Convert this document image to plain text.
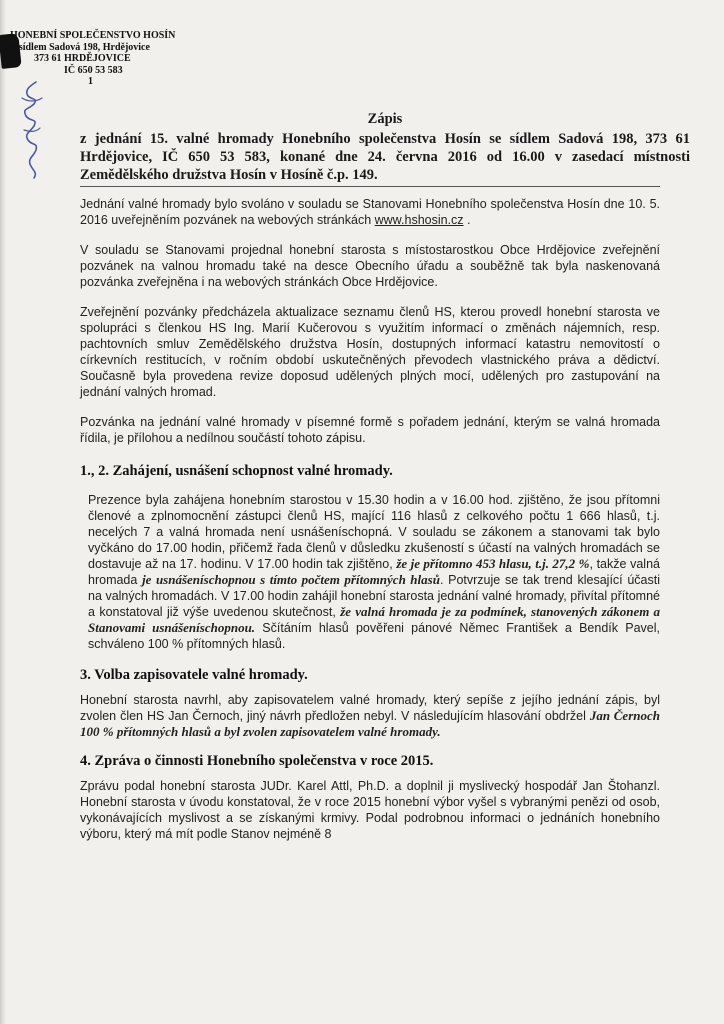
HONEBNÍ SPOLEČENSTVO HOSÍN
se sídlem Sadová 198, Hrdějovice
373 61 HRDĚJOVICE
IČ 650 53 583
1
Zápis
z jednání 15. valné hromady Honebního společenstva Hosín se sídlem Sadová 198, 373 61 Hrdějovice, IČ 650 53 583, konané dne 24. června 2016 od 16.00 v zasedací místnosti Zemědělského družstva Hosín v Hosíně č.p. 149.

Jednání valné hromady bylo svoláno v souladu se Stanovami Honebního společenstva Hosín dne 10. 5. 2016 uveřejněním pozvánek na webových stránkách www.hshosin.cz .

V souladu se Stanovami projednal honební starosta s místostarostkou Obce Hrdějovice zveřejnění pozvánek na valnou hromadu také na desce Obecního úřadu a souběžně tak byla naskenovaná pozvánka zveřejněna i na webových stránkách Obce Hrdějovice.

Zveřejnění pozvánky předcházela aktualizace seznamu členů HS, kterou provedl honební starosta ve spolupráci s členkou HS Ing. Marií Kučerovou s využitím informací o změnách nájemních, resp. pachtovních smluv Zemědělského družstva Hosín, dostupných informací katastru nemovitostí o církevních restitucích, v ročním období uskutečněných převodech vlastnického práva a dědictví. Současně byla provedena revize doposud udělených plných mocí, udělených pro zastupování na jednání valných hromad.

Pozvánka na jednání valné hromady v písemné formě s pořadem jednání, kterým se valná hromada řídila, je přílohou a nedílnou součástí tohoto zápisu.

1., 2. Zahájení, usnášení schopnost valné hromady.

Prezence byla zahájena honebním starostou v 15.30 hodin a v 16.00 hod. zjištěno, že jsou přítomni členové a zplnomocnění zástupci členů HS, mající 116 hlasů z celkového počtu 1 666 hlasů, t.j. necelých 7 a valná hromada není usnášeníschopná. V souladu se zákonem a stanovami tak bylo vyčkáno do 17.00 hodin, přičemž řada členů v důsledku zkušeností s účastí na valných hromadách se dostavuje až na 17. hodinu. V 17.00 hodin tak zjištěno, že je přítomno 453 hlasu, t.j. 27,2 %, takže valná hromada je usnášeníschopnou s tímto počtem přítomných hlasů. Potvrzuje se tak trend klesající účasti na valných hromadách. V 17.00 hodin zahájil honební starosta jednání valné hromady, přivítal přítomné a konstatoval již výše uvedenou skutečnost, že valná hromada je za podmínek, stanovených zákonem a Stanovami usnášeníschopnou. Sčítáním hlasů pověřeni pánové Němec František a Bendík Pavel, schváleno 100 % přítomných hlasů.

3. Volba zapisovatele valné hromady.

Honební starosta navrhl, aby zapisovatelem valné hromady, který sepíše z jejího jednání zápis, byl zvolen člen HS Jan Černoch, jiný návrh předložen nebyl. V následujícím hlasování obdržel Jan Černoch 100 % přítomných hlasů a byl zvolen zapisovatelem valné hromady.

4. Zpráva o činnosti Honebního společenstva v roce 2015.

Zprávu podal honební starosta JUDr. Karel Attl, Ph.D. a doplnil ji myslivecký hospodář Jan Štohanzl. Honební starosta v úvodu konstatoval, že v roce 2015 honební výbor vyšel s vybranými penězi od osob, vykonávajících myslivost a se získanými krmivy. Podal podrobnou informaci o jednáních honebního výboru, který má mít podle Stanov nejméně 8
